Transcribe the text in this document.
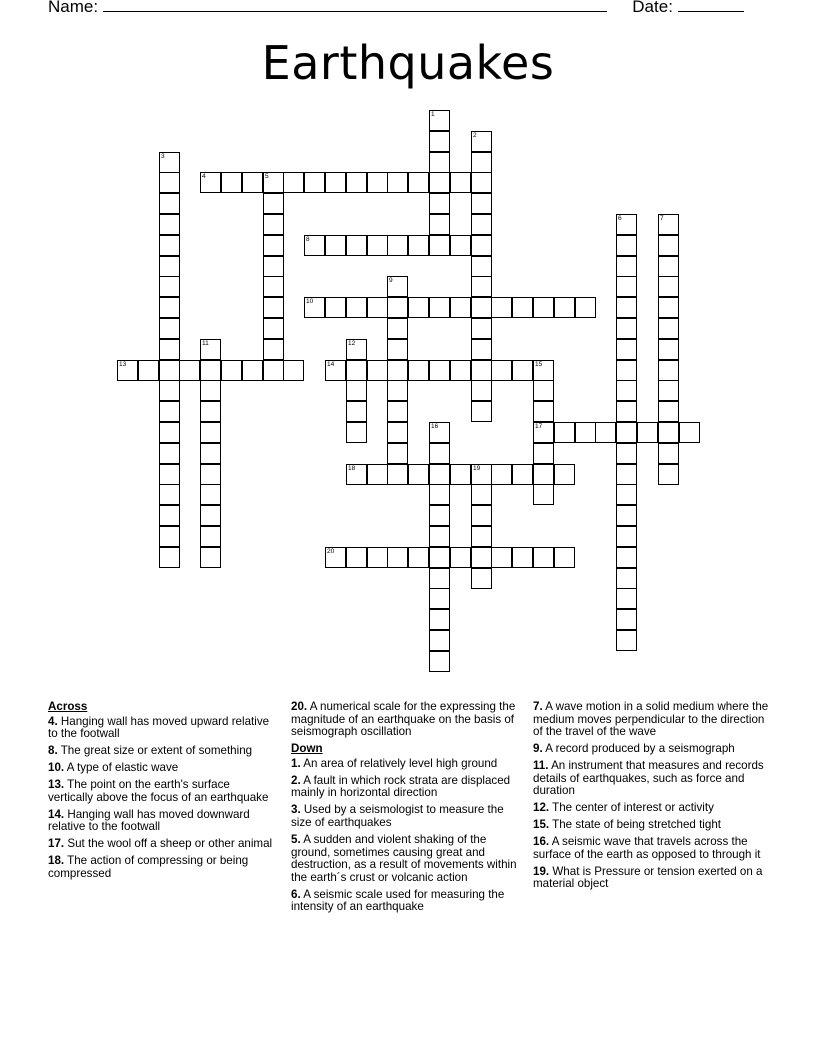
Name:	Date:
Earthquakes
1
2
3
4	5
6	7
8
9
10
11	12
13	14	15
16	17
18	19
20

Across

4. Hanging wall has moved upward relative to the footwall

8. The great size or extent of something

10. A type of elastic wave

13. The point on the earth's surface vertically above the focus of an earthquake

14. Hanging wall has moved downward relative to the footwall

17. Sut the wool off a sheep or other animal

18. The action of compressing or being compressed

20. A numerical scale for the expressing the magnitude of an earthquake on the basis of seismograph oscillation

Down

1. An area of relatively level high ground

2. A fault in which rock strata are displaced mainly in horizontal direction

3. Used by a seismologist to measure the size of earthquakes

5. A sudden and violent shaking of the ground, sometimes causing great and destruction, as a result of movements within the earth´s crust or volcanic action

6. A seismic scale used for measuring the intensity of an earthquake

7. A wave motion in a solid medium where the medium moves perpendicular to the direction of the travel of the wave

9. A record produced by a seismograph

11. An instrument that measures and records details of earthquakes, such as force and duration

12. The center of interest or activity

15. The state of being stretched tight

16. A seismic wave that travels across the surface of the earth as opposed to through it

19. What is Pressure or tension exerted on a material object
